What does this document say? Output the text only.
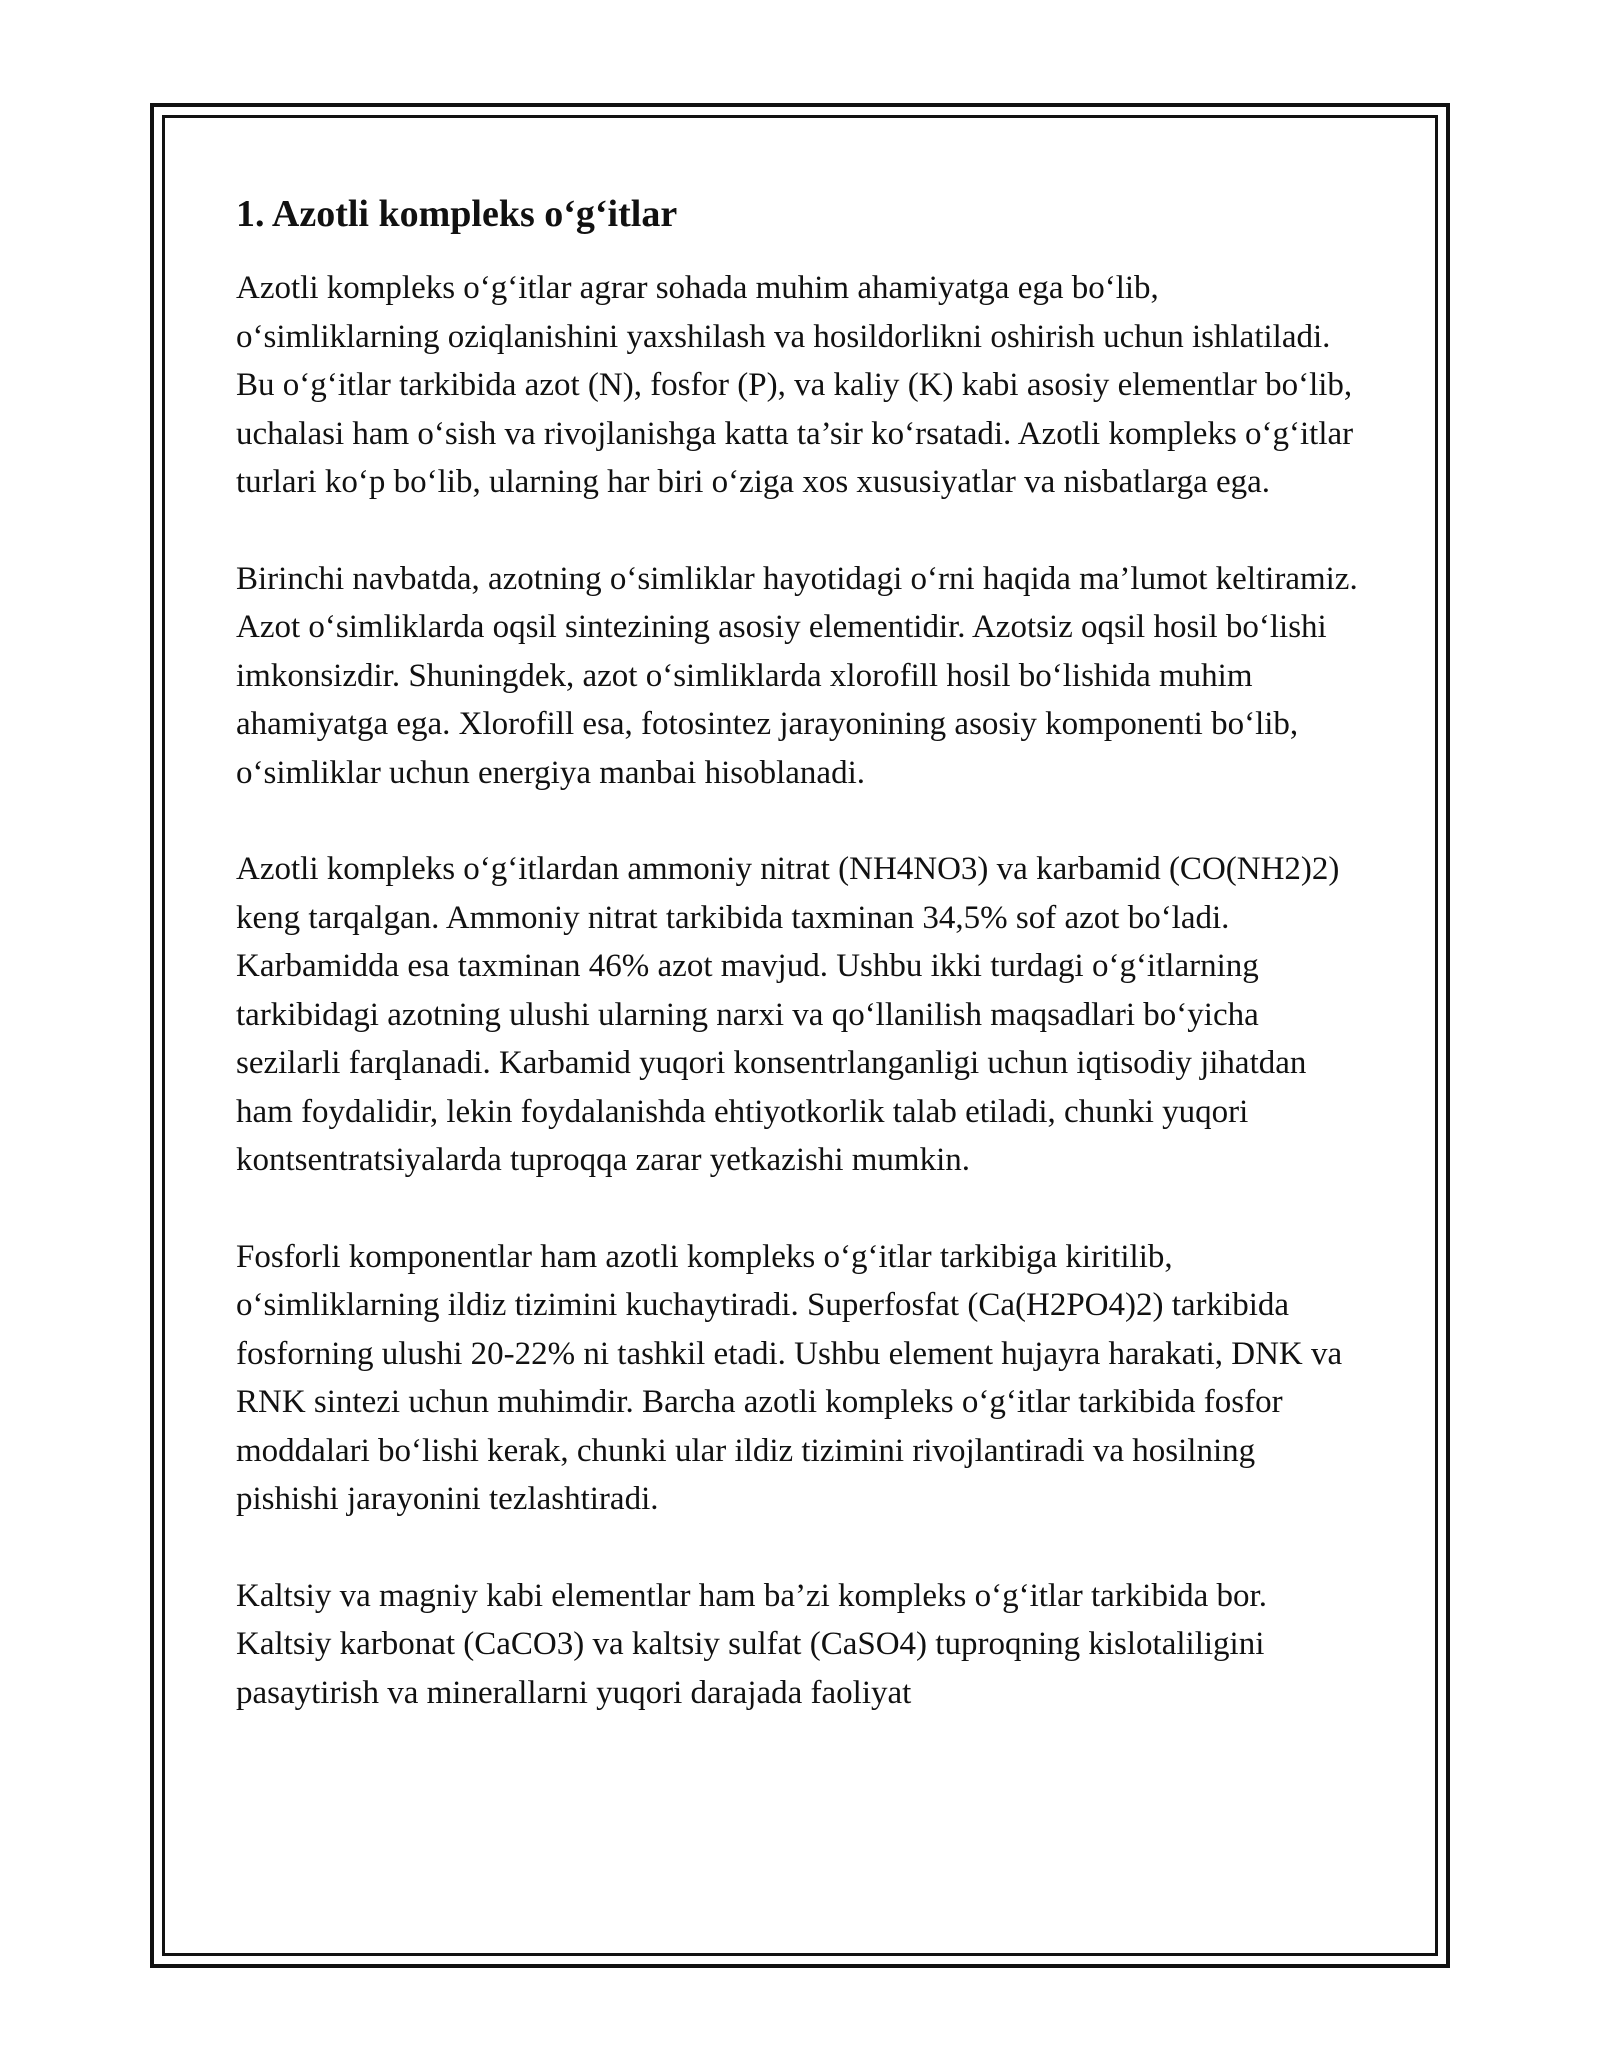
1. Azotli kompleks o‘g‘itlar

Azotli kompleks o‘g‘itlar agrar sohada muhim ahamiyatga ega bo‘lib, o‘simliklarning oziqlanishini yaxshilash va hosildorlikni oshirish uchun ishlatiladi. Bu o‘g‘itlar tarkibida azot (N), fosfor (P), va kaliy (K) kabi asosiy elementlar bo‘lib, uchalasi ham o‘sish va rivojlanishga katta ta’sir ko‘rsatadi. Azotli kompleks o‘g‘itlar turlari ko‘p bo‘lib, ularning har biri o‘ziga xos xususiyatlar va nisbatlarga ega.

Birinchi navbatda, azotning o‘simliklar hayotidagi o‘rni haqida ma’lumot keltiramiz. Azot o‘simliklarda oqsil sintezining asosiy elementidir. Azotsiz oqsil hosil bo‘lishi imkonsizdir. Shuningdek, azot o‘simliklarda xlorofill hosil bo‘lishida muhim ahamiyatga ega. Xlorofill esa, fotosintez jarayonining asosiy komponenti bo‘lib, o‘simliklar uchun energiya manbai hisoblanadi.

Azotli kompleks o‘g‘itlardan ammoniy nitrat (NH4NO3) va karbamid (CO(NH2)2) keng tarqalgan. Ammoniy nitrat tarkibida taxminan 34,5% sof azot bo‘ladi. Karbamidda esa taxminan 46% azot mavjud. Ushbu ikki turdagi o‘g‘itlarning tarkibidagi azotning ulushi ularning narxi va qo‘llanilish maqsadlari bo‘yicha sezilarli farqlanadi. Karbamid yuqori konsentrlanganligi uchun iqtisodiy jihatdan ham foydalidir, lekin foydalanishda ehtiyotkorlik talab etiladi, chunki yuqori kontsentratsiyalarda tuproqqa zarar yetkazishi mumkin.

Fosforli komponentlar ham azotli kompleks o‘g‘itlar tarkibiga kiritilib, o‘simliklarning ildiz tizimini kuchaytiradi. Superfosfat (Ca(H2PO4)2) tarkibida fosforning ulushi 20-22% ni tashkil etadi. Ushbu element hujayra harakati, DNK va RNK sintezi uchun muhimdir. Barcha azotli kompleks o‘g‘itlar tarkibida fosfor moddalari bo‘lishi kerak, chunki ular ildiz tizimini rivojlantiradi va hosilning pishishi jarayonini tezlashtiradi.

Kaltsiy va magniy kabi elementlar ham ba’zi kompleks o‘g‘itlar tarkibida bor. Kaltsiy karbonat (CaCO3) va kaltsiy sulfat (CaSO4) tuproqning kislotaliligini pasaytirish va minerallarni yuqori darajada faoliyat
